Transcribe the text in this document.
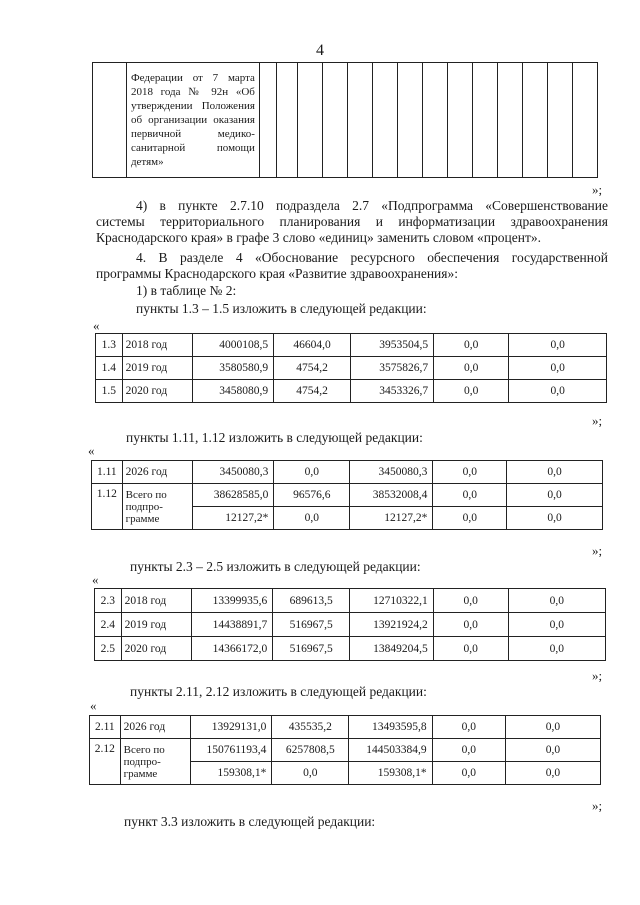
4

Федерации от 7 марта
2018 года № 92н «Об
утверждении Положения
об организации оказания
первичной медико-
санитарной помощи
детям»

»;
4) в пункте 2.7.10 подраздела 2.7 «Подпрограмма «Совершенствование
системы территориального планирования и информатизации здравоохранения
Краснодарского края» в графе 3 слово «единиц» заменить словом «процент».
4. В разделе 4 «Обоснование ресурсного обеспечения государственной
программы Краснодарского края «Развитие здравоохранения»:
1) в таблице № 2:
пункты 1.3 – 1.5 изложить в следующей редакции:
«
1.3	2018 год	4000108,5	46604,0	3953504,5	0,0	0,0
1.4	2019 год	3580580,9	4754,2	3575826,7	0,0	0,0
1.5	2020 год	3458080,9	4754,2	3453326,7	0,0	0,0
»;
пункты 1.11, 1.12 изложить в следующей редакции:
«
1.11	2026 год	3450080,3	0,0	3450080,3	0,0	0,0
1.12	Всего по подпро-грамме	38628585,0	96576,6	38532008,4	0,0	0,0
		12127,2*	0,0	12127,2*	0,0	0,0
»;
пункты 2.3 – 2.5 изложить в следующей редакции:
«
2.3	2018 год	13399935,6	689613,5	12710322,1	0,0	0,0
2.4	2019 год	14438891,7	516967,5	13921924,2	0,0	0,0
2.5	2020 год	14366172,0	516967,5	13849204,5	0,0	0,0
»;
пункты 2.11, 2.12 изложить в следующей редакции:
«
2.11	2026 год	13929131,0	435535,2	13493595,8	0,0	0,0
2.12	Всего по подпро-грамме	150761193,4	6257808,5	144503384,9	0,0	0,0
		159308,1*	0,0	159308,1*	0,0	0,0
»;
пункт 3.3 изложить в следующей редакции:
